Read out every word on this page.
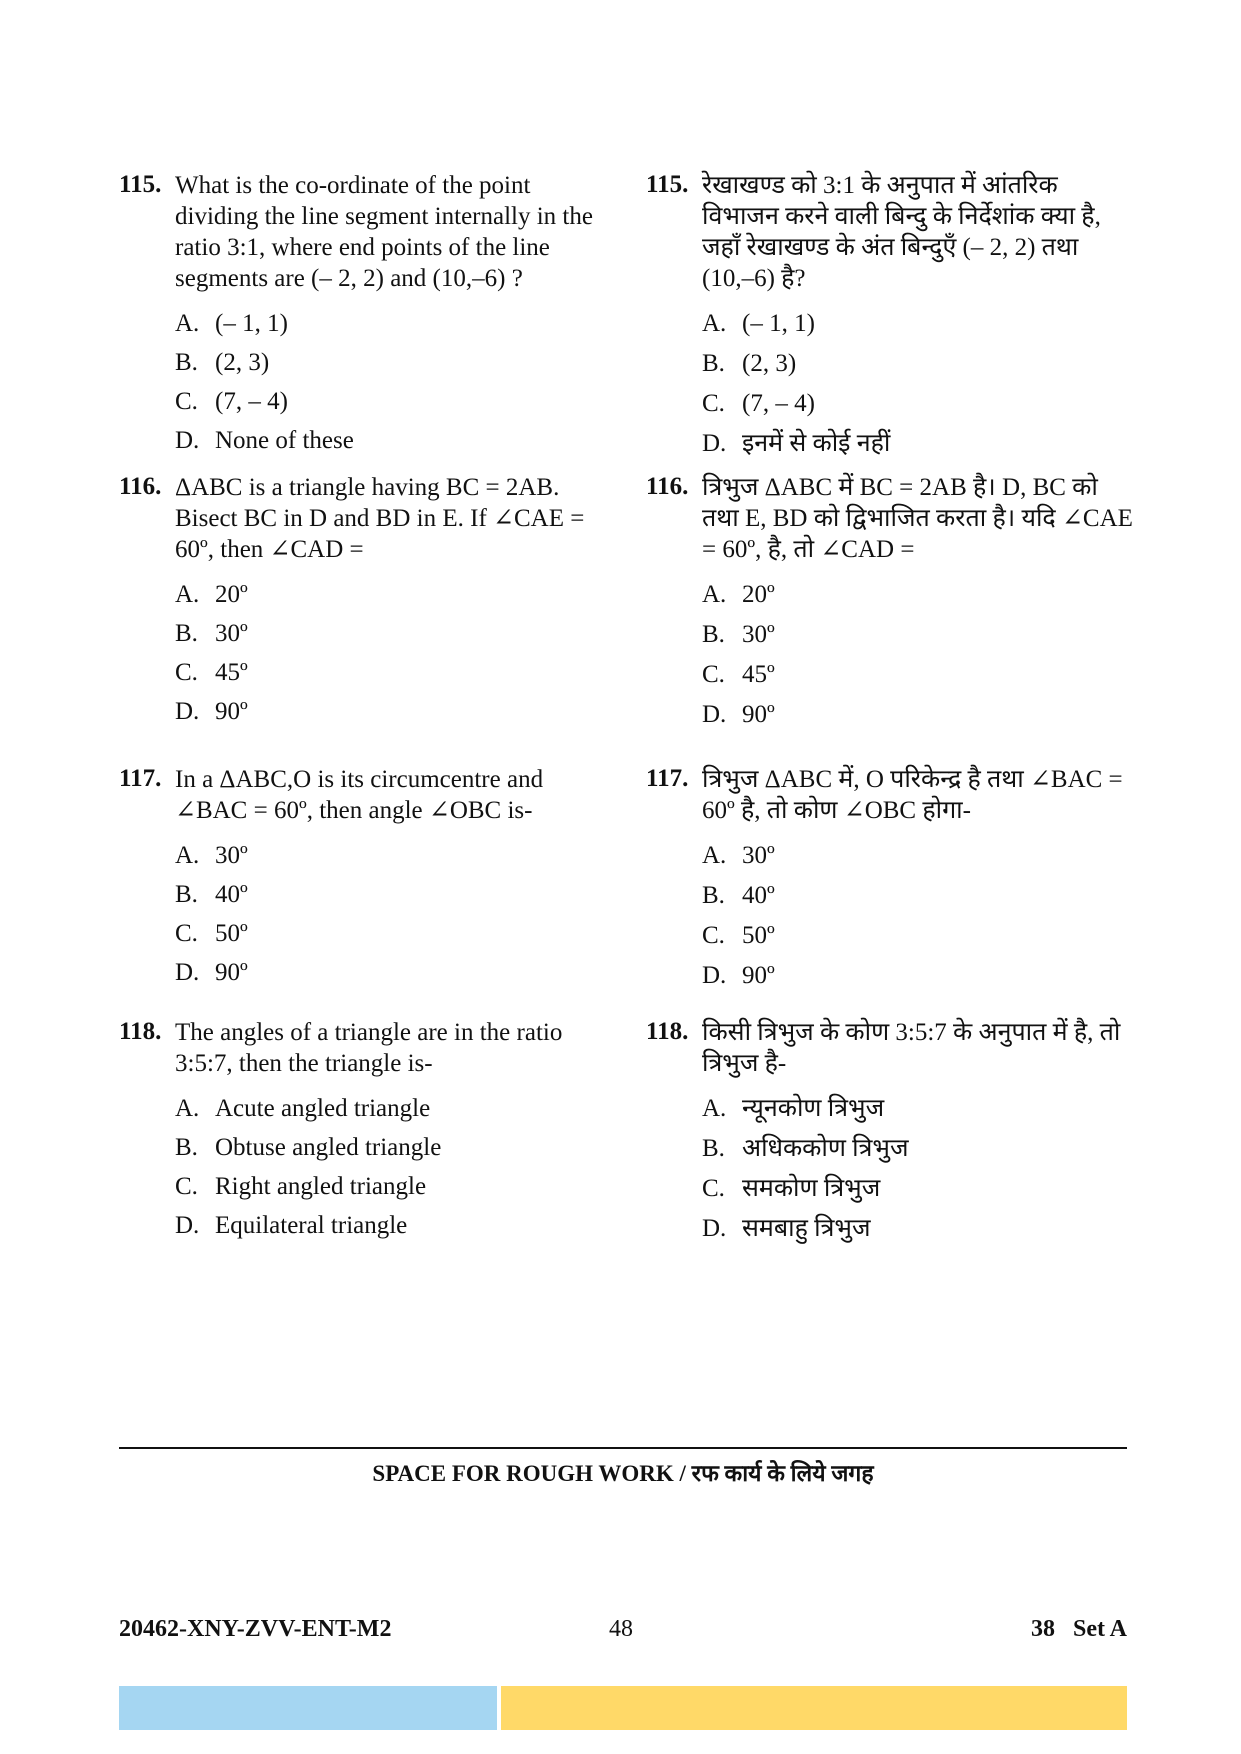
115. What is the co-ordinate of the point dividing the line segment internally in the ratio 3:1, where end points of the line segments are (– 2, 2) and (10,–6) ?

A. (– 1, 1)
B. (2, 3)
C. (7, – 4)
D. None of these
116. ΔABC is a triangle having BC = 2AB. Bisect BC in D and BD in E. If ∠CAE = 60º, then ∠CAD =

A. 20º
B. 30º
C. 45º
D. 90º
117. In a ΔABC,O is its circumcentre and ∠BAC = 60º, then angle ∠OBC is-

A. 30º
B. 40º
C. 50º
D. 90º
118. The angles of a triangle are in the ratio 3:5:7, then the triangle is-

A. Acute angled triangle
B. Obtuse angled triangle
C. Right angled triangle
D. Equilateral triangle
115. रेखाखण्ड को 3:1 के अनुपात में आंतरिक विभाजन करने वाली बिन्दु के निर्देशांक क्या है, जहाँ रेखाखण्ड के अंत बिन्दुएँ (– 2, 2) तथा (10,–6) है?

A. (– 1, 1)
B. (2, 3)
C. (7, – 4)
D. इनमें से कोई नहीं
116. त्रिभुज ΔABC में BC = 2AB है। D, BC को तथा E, BD को द्विभाजित करता है। यदि ∠CAE = 60º, है, तो ∠CAD =

A. 20º
B. 30º
C. 45º
D. 90º
117. त्रिभुज ΔABC में, O परिकेन्द्र है तथा ∠BAC = 60º है, तो कोण ∠OBC होगा-

A. 30º
B. 40º
C. 50º
D. 90º
118. किसी त्रिभुज के कोण 3:5:7 के अनुपात में है, तो त्रिभुज है-

A. न्यूनकोण त्रिभुज
B. अधिककोण त्रिभुज
C. समकोण त्रिभुज
D. समबाहु त्रिभुज
SPACE FOR ROUGH WORK / रफ कार्य के लिये जगह
20462-XNY-ZVV-ENT-M2	48	38   Set A
